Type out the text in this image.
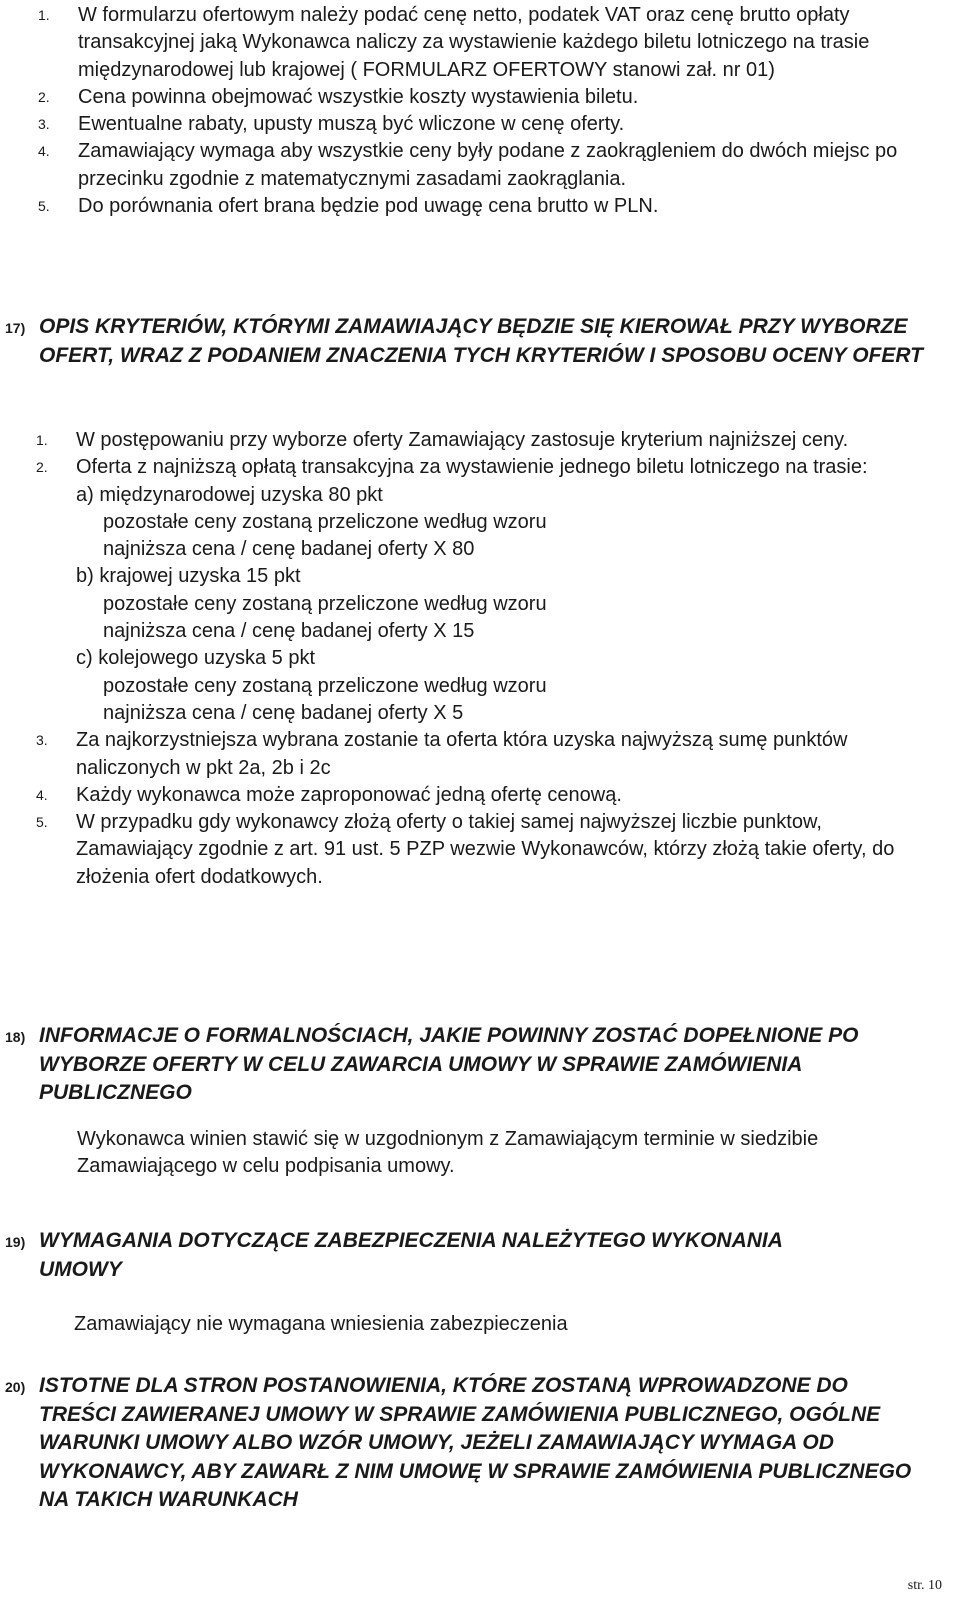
1. W formularzu ofertowym należy podać cenę netto, podatek VAT oraz cenę brutto opłaty transakcyjnej jaką Wykonawca naliczy za wystawienie każdego biletu lotniczego na trasie międzynarodowej lub krajowej ( FORMULARZ OFERTOWY stanowi zał. nr 01)
2. Cena powinna obejmować wszystkie koszty wystawienia biletu.
3. Ewentualne rabaty, upusty muszą być wliczone w cenę oferty.
4. Zamawiający wymaga aby wszystkie ceny były podane z zaokrągleniem do dwóch miejsc po przecinku zgodnie z matematycznymi zasadami zaokrąglania.
5. Do porównania ofert brana będzie pod uwagę cena brutto w PLN.
17) OPIS KRYTERIÓW, KTÓRYMI ZAMAWIAJĄCY BĘDZIE SIĘ KIEROWAŁ PRZY WYBORZE OFERT, WRAZ Z PODANIEM ZNACZENIA TYCH KRYTERIÓW I SPOSOBU OCENY OFERT
1. W postępowaniu przy wyborze oferty Zamawiający zastosuje kryterium najniższej ceny.
2. Oferta z najniższą opłatą transakcyjna za wystawienie jednego biletu lotniczego na trasie:
a) międzynarodowej uzyska 80 pkt
pozostałe ceny zostaną przeliczone według wzoru
najniższa cena / cenę badanej oferty X 80
b) krajowej uzyska 15 pkt
pozostałe ceny zostaną przeliczone według wzoru
najniższa cena / cenę badanej oferty X 15
c) kolejowego uzyska 5 pkt
pozostałe ceny zostaną przeliczone według wzoru
najniższa cena / cenę badanej oferty X 5
3. Za najkorzystniejsza wybrana zostanie ta oferta która uzyska najwyższą sumę punktów naliczonych w pkt 2a, 2b i 2c
4. Każdy wykonawca może zaproponować jedną ofertę cenową.
5. W przypadku gdy wykonawcy złożą oferty o takiej samej najwyższej liczbie punktow, Zamawiający zgodnie z art. 91 ust. 5 PZP wezwie Wykonawców, którzy złożą takie oferty, do złożenia ofert dodatkowych.
18) INFORMACJE O FORMALNOŚCIACH, JAKIE POWINNY ZOSTAĆ DOPEŁNIONE PO WYBORZE OFERTY W CELU ZAWARCIA UMOWY W SPRAWIE ZAMÓWIENIA PUBLICZNEGO
Wykonawca winien stawić się w uzgodnionym z Zamawiającym terminie w siedzibie Zamawiającego w celu podpisania umowy.
19) WYMAGANIA DOTYCZĄCE ZABEZPIECZENIA NALEŻYTEGO WYKONANIA UMOWY
Zamawiający nie wymagana wniesienia zabezpieczenia
20) ISTOTNE DLA STRON POSTANOWIENIA, KTÓRE ZOSTANĄ WPROWADZONE DO TREŚCI ZAWIERANEJ UMOWY W SPRAWIE ZAMÓWIENIA PUBLICZNEGO, OGÓLNE WARUNKI UMOWY ALBO WZÓR UMOWY, JEŻELI ZAMAWIAJĄCY WYMAGA OD WYKONAWCY, ABY ZAWARŁ Z NIM UMOWĘ W SPRAWIE ZAMÓWIENIA PUBLICZNEGO NA TAKICH WARUNKACH
str. 10
